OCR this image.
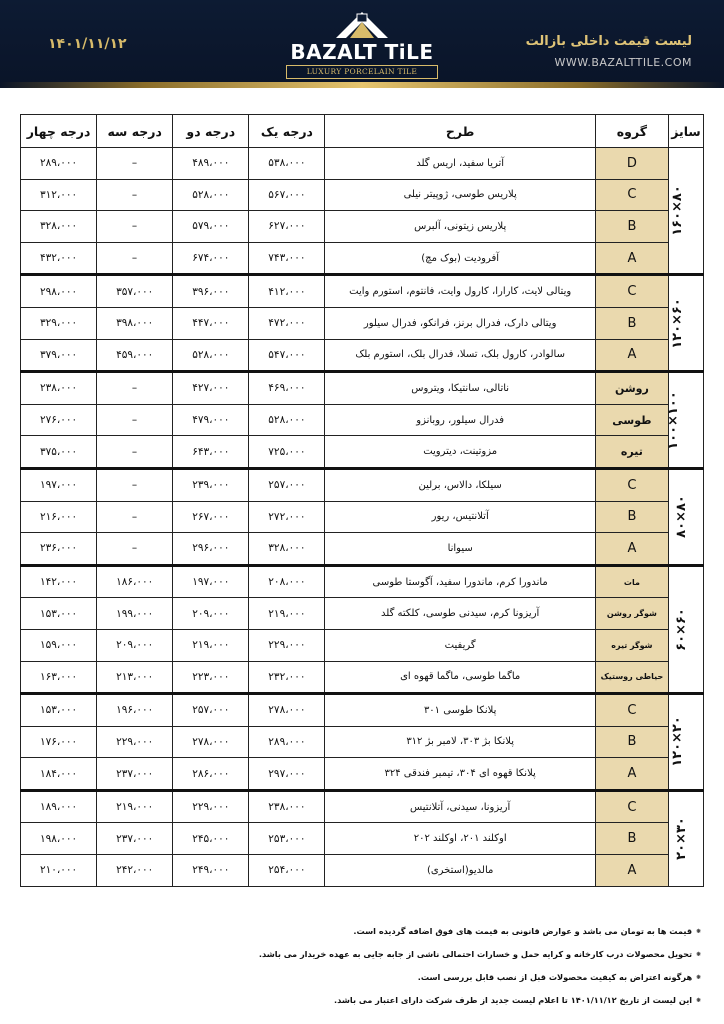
۱۴۰۱/۱۱/۱۲	BAZALT TiLE
LUXURY PORCELAIN TILE
لیست قیمت داخلی بازالت
WWW.BAZALTTILE.COM
سایز	گروه	طرح	درجه یک	درجه دو	درجه سه	درجه چهار
۸۰×۱۶۰	D	آتریا سفید، اریس گلد	۵۳۸،۰۰۰	۴۸۹،۰۰۰	–	۲۸۹،۰۰۰
	C	پلاریس طوسی، ژوپیتر نیلی	۵۶۷،۰۰۰	۵۲۸،۰۰۰	–	۳۱۲،۰۰۰
	B	پلاریس زیتونی، آلبرس	۶۲۷،۰۰۰	۵۷۹،۰۰۰	–	۳۲۸،۰۰۰
	A	آفرودیت (بوک مچ)	۷۴۳،۰۰۰	۶۷۴،۰۰۰	–	۴۳۲،۰۰۰
۶۰×۱۲۰	C	ویتالی لایت، کارارا، کارول وایت، فانتوم، استورم وایت	۴۱۲،۰۰۰	۳۹۶،۰۰۰	۳۵۷،۰۰۰	۲۹۸،۰۰۰
	B	ویتالی دارک، فدرال برنز، فرانکو، فدرال سیلور	۴۷۲،۰۰۰	۴۴۷،۰۰۰	۳۹۸،۰۰۰	۳۲۹،۰۰۰
	A	سالوادر، کارول بلک، تسلا، فدرال بلک، استورم بلک	۵۴۷،۰۰۰	۵۲۸،۰۰۰	۴۵۹،۰۰۰	۳۷۹،۰۰۰
۱۰۰×۱۰۰	روشن	ناتالی، سانتیکا، ویتروس	۴۶۹،۰۰۰	۴۲۷،۰۰۰	–	۲۳۸،۰۰۰
	طوسی	فدرال سیلور، روبانزو	۵۲۸،۰۰۰	۴۷۹،۰۰۰	–	۲۷۶،۰۰۰
	تیره	مزوتینت، دیترویت	۷۲۵،۰۰۰	۶۴۳،۰۰۰	–	۳۷۵،۰۰۰
۸۰×۸۰	C	سیلکا، دالاس، برلین	۲۵۷،۰۰۰	۲۳۹،۰۰۰	–	۱۹۷،۰۰۰
	B	آتلانتیس، ریور	۲۷۲،۰۰۰	۲۶۷،۰۰۰	–	۲۱۶،۰۰۰
	A	سیوانا	۳۲۸،۰۰۰	۲۹۶،۰۰۰	–	۲۳۶،۰۰۰
۶۰×۶۰	مات	ماندورا کرم، ماندورا سفید، آگوستا طوسی	۲۰۸،۰۰۰	۱۹۷،۰۰۰	۱۸۶،۰۰۰	۱۴۲،۰۰۰
	شوگر روشن	آریزونا کرم، سیدنی طوسی، کلکته گلد	۲۱۹،۰۰۰	۲۰۹،۰۰۰	۱۹۹،۰۰۰	۱۵۳،۰۰۰
	شوگر تیره	گریفیت	۲۲۹،۰۰۰	۲۱۹،۰۰۰	۲۰۹،۰۰۰	۱۵۹،۰۰۰
	حیاطی روستیک	ماگما طوسی، ماگما قهوه ای	۲۳۲،۰۰۰	۲۲۳،۰۰۰	۲۱۳،۰۰۰	۱۶۳،۰۰۰
۲۰×۱۲۰	C	پلانکا طوسی ۳۰۱	۲۷۸،۰۰۰	۲۵۷،۰۰۰	۱۹۶،۰۰۰	۱۵۳،۰۰۰
	B	پلانکا بژ ۳۰۳، لامبر بژ ۳۱۲	۲۸۹،۰۰۰	۲۷۸،۰۰۰	۲۲۹،۰۰۰	۱۷۶،۰۰۰
	A	پلانکا قهوه ای ۳۰۴، تیمبر فندقی ۳۲۴	۲۹۷،۰۰۰	۲۸۶،۰۰۰	۲۳۷،۰۰۰	۱۸۴،۰۰۰
۳۰×۲۰	C	آریزونا، سیدنی، آتلانتیس	۲۳۸،۰۰۰	۲۲۹،۰۰۰	۲۱۹،۰۰۰	۱۸۹،۰۰۰
	B	اوکلند ۲۰۱، اوکلند ۲۰۲	۲۵۳،۰۰۰	۲۴۵،۰۰۰	۲۳۷،۰۰۰	۱۹۸،۰۰۰
	A	مالدیو(استخری)	۲۵۴،۰۰۰	۲۴۹،۰۰۰	۲۴۲،۰۰۰	۲۱۰،۰۰۰
⁕قیمت ها به تومان می باشد و عوارض قانونی به قیمت های فوق اضافه گردیده است.
⁕تحویل محصولات درب کارخانه و کرایه حمل و خسارات احتمالی ناشی از جابه جایی به عهده خریدار می باشد.
⁕هرگونه اعتراض به کیفیت محصولات قبل از نصب قابل بررسی است.
⁕این لیست از تاریخ ۱۴۰۱/۱۱/۱۲ تا اعلام لیست جدید از طرف شرکت دارای اعتبار می باشد.
